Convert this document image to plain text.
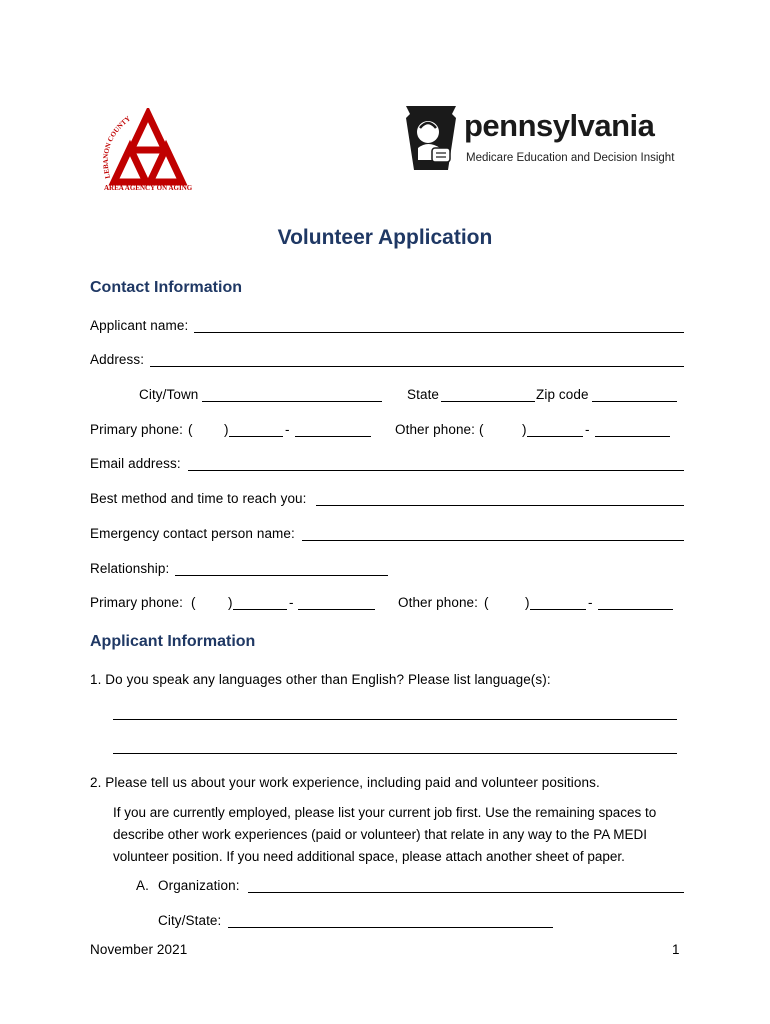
LEBANON COUNTY
AREA AGENCY ON AGING
pennsylvania
Medicare Education and Decision Insight
Volunteer Application
Contact Information
Applicant name:
Address:
City/Town	State	Zip code
Primary phone: ( )	-	Other phone: (	)	-
Email address:
Best method and time to reach you:
Emergency contact person name:
Relationship:
Primary phone: ( )	-	Other phone: (	)	-
Applicant Information
1. Do you speak any languages other than English? Please list language(s):
2. Please tell us about your work experience, including paid and volunteer positions.
If you are currently employed, please list your current job first. Use the remaining spaces to describe other work experiences (paid or volunteer) that relate in any way to the PA MEDI volunteer position. If you need additional space, please attach another sheet of paper.
A. Organization:
City/State:
November 2021	1
